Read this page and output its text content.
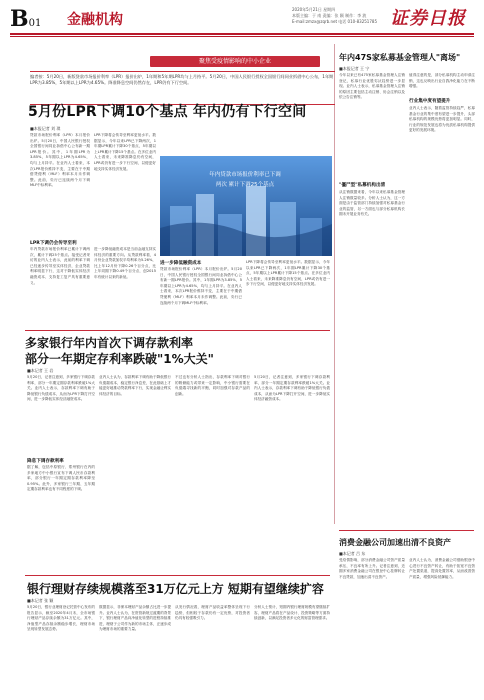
B01 金融机构
2020年5月21日 星期四
本版主编：于 南 责编：张 颖 制作：李 波
E-mail:zmzx@zqrb.net 电话 010-83251785 证券日报
聚焦受疫情影响的中小企业
编者按：5月20日，新版贷款市场报价利率（LPR）报价出炉，1年期和5年期LPR均与上月持平。5月20日，中国人民银行授权全国银行间同业拆借中心公布，1年期LPR为3.85%，5年期以上LPR为4.65%。降准降息空间仍然存在，LPR仍有下行空间。
5月份LPR下调10个基点 年内仍有下行空间
■本报记者 刘 琪
贷款市场报价利率（LPR）本月报价出炉。5月20日，中国人民银行授权全国银行间同业拆借中心公布新一期LPR报价。其中，1年期LPR为3.85%，5年期以上LPR为4.65%，均与上月持平。在业内人士看来，本次LPR报价维持不变，主要在于中期借贷便利（MLF）利率本月未作调整。此前，央行已连续两个月下调MLF中标利率。
LPR下降将会传导至利率更低水平。数据显示，今年以来LPR已下降两次，1年期LPR累计下降30个基点，5年期以上LPR累计下降15个基点。在多位业内人士看来，未来降准降息仍有空间，LPR或仍有进一步下行空间，以便更好地支持实体经济发展。
年内贷款市场报价利率已下调
两次 累计下调25个基点
LPR下调仍会传导至利
年内贷款市场报价利率已累计下调两次，累计下调25个基点。接受记者采访的业内人士表示，此前的利率下调已经逐步传导至实体经济，企业贷款利率明显下行，这对于降低实体经济融资成本、支持复工复产具有重要意义。
进一步降低融资成本是当前金融支持实体经济的重要方向。从贷款利率看，4月份企业贷款加权平均利率为5.26%，比上年12月份下降0.26个百分点，比上年同期下降0.49个百分点，创2015年有统计以来的新低。
进一步降低融资成本
贷款市场报价利率（LPR）本月报价出炉。5月20日，中国人民银行授权全国银行间同业拆借中心公布新一期LPR报价。其中，1年期LPR为3.85%，5年期以上LPR为4.65%，均与上月持平。在业内人士看来，本次LPR报价维持不变，主要在于中期借贷便利（MLF）利率本月未作调整。此前，央行已连续两个月下调MLF中标利率。
LPR下降将会传导至利率更低水平。数据显示，今年以来LPR已下降两次，1年期LPR累计下降30个基点，5年期以上LPR累计下降15个基点。在多位业内人士看来，未来降准降息仍有空间，LPR或仍有进一步下行空间，以便更好地支持实体经济发展。
多家银行年内首次下调存款利率
部分一年期定存利率跌破"1%大关"
■本记者 王 岩
5月20日，记者注意到，多家银行下调存款利率，部分一年期定期存款利率跌破1%大关。业内人士表示，存款利率下调有助于降低银行负债成本，从而为LPR下降打开空间，进一步降低实体经济融资成本。
降息下调存款利率
据了解，包括中原银行、郑州银行在内的多家地方中小银行宣布下调人民币存款利率，部分银行一年期定期存款利率降至0.95%。此外，多家银行三年期、五年期定期存款利率也有不同程度的下调。
业内人士认为，存款利率下调有助于降低银行负债端成本，稳定银行净息差，在此基础上才能更好地推动贷款利率下行，实现金融让利实体经济的目标。
不过也有分析人士指出，存款利率下调对银行的吸储能力或带来一定影响，中小银行需要在负债端寻找新的平衡，同时加强对存款产品的创新。
5月20日，记者注意到，多家银行下调存款利率，部分一年期定期存款利率跌破1%大关。业内人士表示，存款利率下调有助于降低银行负债成本，从而为LPR下降打开空间，进一步降低实体经济融资成本。
银行理财存续规模落至31万亿元上方 短期有望继续扩容
■本记者 张 颖
5月20日，银行业理财登记托管中心发布的报告显示，截至2020年4月末，全市场银行理财产品存续余额为31万亿元。其中，净值型产品存续余额稳步增长，理财市场呈现转型发展态势。
数据显示，非保本理财产品余额占比进一步提升。业内人士认为，在资管新规过渡期的背景下，银行理财产品向净值化转型的进程持续推进，理财子公司作为新的市场主体，正逐步成为理财市场的重要力量。
从发行情况看，理财产品收益率整体呈现下行趋势，但相较于存款仍有一定优势，对投资者仍具有较强吸引力。
分析人士预计，短期内银行理财规模有望继续扩容，理财产品将在产品设计、投资策略等方面持续创新，以满足投资者多元化的财富管理需求。
年内47S家私募基金管理人"离场"
■本报记者 王 宁
今年以来已有475家私募基金管理人注销登记，私募行业优胜劣汰趋势进一步显现。业内人士表示，私募基金管理人注销的原因主要包括主动注销、协会注销以及依公告注销等。
"僵尸型"私募机构出清
从注销数据来看，今年以来私募基金管理人注销数量较多。分析人士认为，这一方面是由于监管部门持续加强对私募基金行业的监管，另一方面也与部分私募机构长期未开展业务有关。
行业集中度有望提升
值得注意的是，部分私募机构主动申请注销，这也反映出行业自我净化能力在不断增强。
业内人士表示，随着监管持续趋严，私募基金行业的集中度有望进一步提升，头部私募机构的规模优势将更加明显。同时，行业的规范发展也将为优质私募机构提供更好的发展环境。
消费金融公司加速出清不良资产
■本记者 吕 东
受疫情影响，部分消费金融公司资产质量承压，不良率有所上升。记者注意到，近期多家消费金融公司在银登中心挂牌转让不良贷款，加速出清不良资产。
业内人士认为，消费金融公司借助银登中心进行不良资产转让，有助于拓宽不良资产处置渠道，提高处置效率，从而改善资产质量，增强风险抵御能力。
